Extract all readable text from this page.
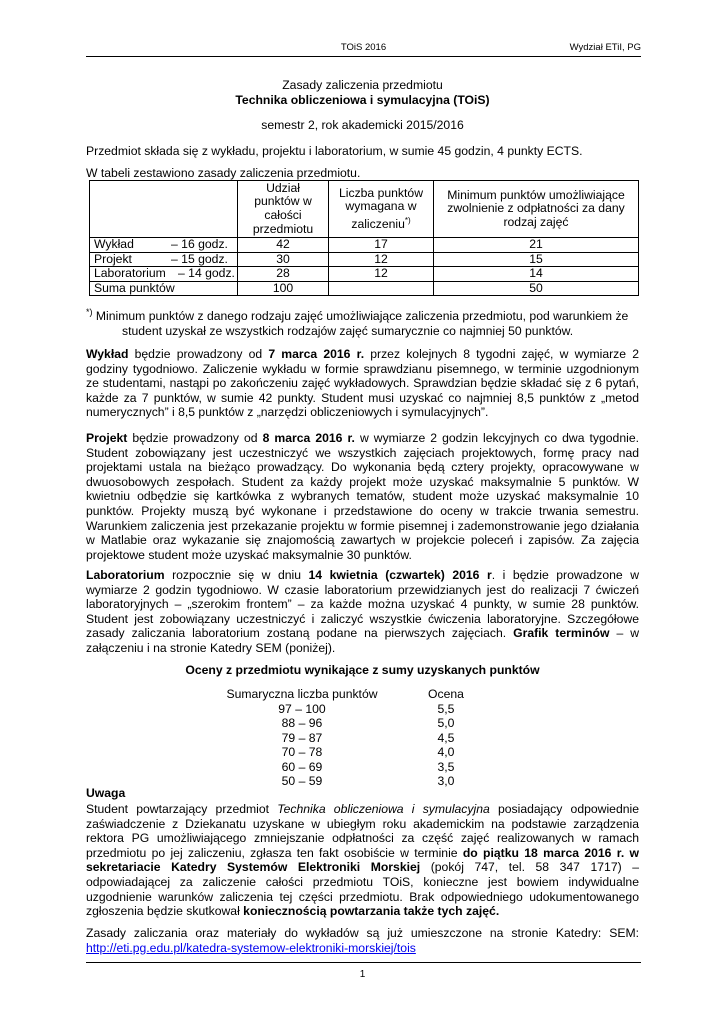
TOiS 2016	Wydział ETiI, PG
Zasady zaliczenia przedmiotu
Technika obliczeniowa i symulacyjna (TOiS)
semestr 2, rok akademicki 2015/2016
Przedmiot składa się z wykładu, projektu i laboratorium, w sumie 45 godzin, 4 punkty ECTS.
W tabeli zestawiono zasady zaliczenia przedmiotu.

	Udział punktów w całości przedmiotu	Liczba punktów wymagana w zaliczeniu*)	Minimum punktów umożliwiające zwolnienie z odpłatności za dany rodzaj zajęć

Wykład – 16 godz.	42	17	21
Projekt – 15 godz.	30	12	15
Laboratorium – 14 godz.	28	12	14
Suma punktów	100		50

*) Minimum punktów z danego rodzaju zajęć umożliwiające zaliczenia przedmiotu, pod warunkiem że student uzyskał ze wszystkich rodzajów zajęć sumarycznie co najmniej 50 punktów.

Wykład będzie prowadzony od 7 marca 2016 r. przez kolejnych 8 tygodni zajęć, w wymiarze 2 godziny tygodniowo. Zaliczenie wykładu w formie sprawdzianu pisemnego, w terminie uzgodnionym ze studentami, nastąpi po zakończeniu zajęć wykładowych. Sprawdzian będzie składać się z 6 pytań, każde za 7 punktów, w sumie 42 punkty. Student musi uzyskać co najmniej 8,5 punktów z „metod numerycznych” i 8,5 punktów z „narzędzi obliczeniowych i symulacyjnych”.

Projekt będzie prowadzony od 8 marca 2016 r. w wymiarze 2 godzin lekcyjnych co dwa tygodnie. Student zobowiązany jest uczestniczyć we wszystkich zajęciach projektowych, formę pracy nad projektami ustala na bieżąco prowadzący. Do wykonania będą cztery projekty, opracowywane w dwuosobowych zespołach. Student za każdy projekt może uzyskać maksymalnie 5 punktów. W kwietniu odbędzie się kartkówka z wybranych tematów, student może uzyskać maksymalnie 10 punktów. Projekty muszą być wykonane i przedstawione do oceny w trakcie trwania semestru. Warunkiem zaliczenia jest przekazanie projektu w formie pisemnej i zademonstrowanie jego działania w Matlabie oraz wykazanie się znajomością zawartych w projekcie poleceń i zapisów. Za zajęcia projektowe student może uzyskać maksymalnie 30 punktów.

Laboratorium rozpocznie się w dniu 14 kwietnia (czwartek) 2016 r. i będzie prowadzone w wymiarze 2 godzin tygodniowo. W czasie laboratorium przewidzianych jest do realizacji 7 ćwiczeń laboratoryjnych – „szerokim frontem” – za każde można uzyskać 4 punkty, w sumie 28 punktów. Student jest zobowiązany uczestniczyć i zaliczyć wszystkie ćwiczenia laboratoryjne. Szczegółowe zasady zaliczania laboratorium zostaną podane na pierwszych zajęciach. Grafik terminów – w załączeniu i na stronie Katedry SEM (poniżej).

Oceny z przedmiotu wynikające z sumy uzyskanych punktów
Sumaryczna liczba punktów		Ocena
97 – 100		5,5
88 – 96		5,0
79 – 87		4,5
70 – 78		4,0
60 – 69		3,5
50 – 59		3,0
Uwaga

Student powtarzający przedmiot Technika obliczeniowa i symulacyjna posiadający odpowiednie zaświadczenie z Dziekanatu uzyskane w ubiegłym roku akademickim na podstawie zarządzenia rektora PG umożliwiającego zmniejszanie odpłatności za część zajęć realizowanych w ramach przedmiotu po jej zaliczeniu, zgłasza ten fakt osobiście w terminie do piątku 18 marca 2016 r. w sekretariacie Katedry Systemów Elektroniki Morskiej (pokój 747, tel. 58 347 1717) – odpowiadającej za zaliczenie całości przedmiotu TOiS, konieczne jest bowiem indywidualne uzgodnienie warunków zaliczenia tej części przedmiotu. Brak odpowiedniego udokumentowanego zgłoszenia będzie skutkował koniecznością powtarzania także tych zajęć.

Zasady zaliczania oraz materiały do wykładów są już umieszczone na stronie Katedry: SEM: http://eti.pg.edu.pl/katedra-systemow-elektroniki-morskiej/tois

1
